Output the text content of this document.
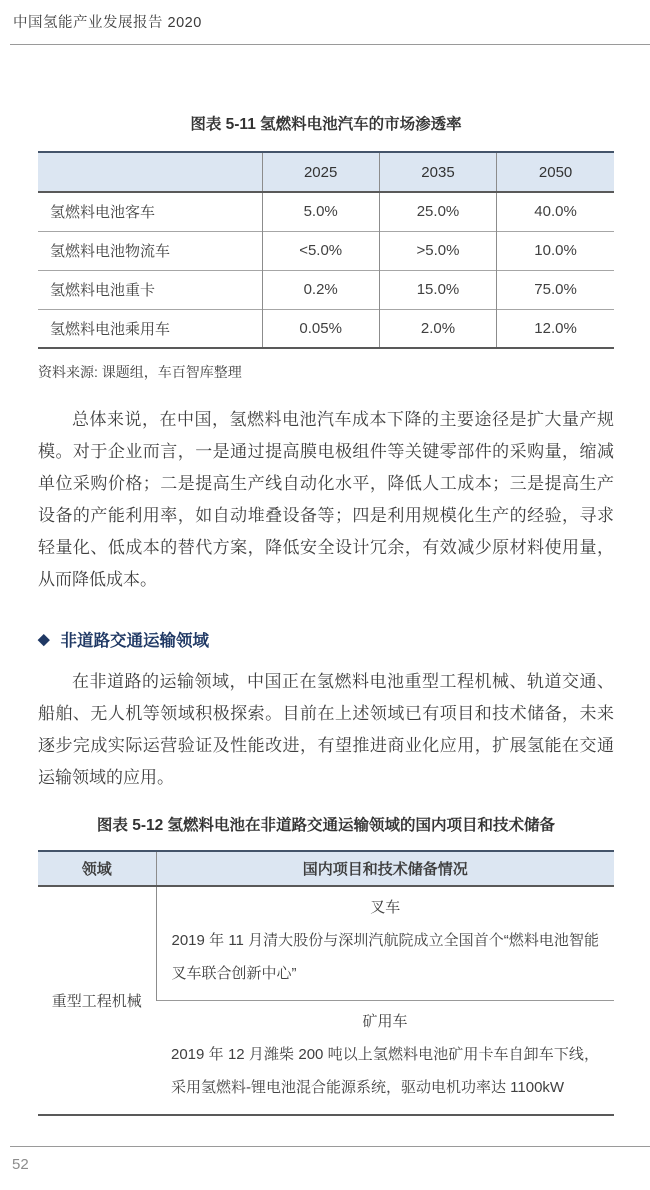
中国氢能产业发展报告 2020
图表 5-11 氢燃料电池汽车的市场渗透率
	2025	2035	2050
氢燃料电池客车	5.0%	25.0%	40.0%
氢燃料电池物流车	<5.0%	>5.0%	10.0%
氢燃料电池重卡	0.2%	15.0%	75.0%
氢燃料电池乘用车	0.05%	2.0%	12.0%
资料来源: 课题组，车百智库整理

总体来说，在中国，氢燃料电池汽车成本下降的主要途径是扩大量产规模。对于企业而言，一是通过提高膜电极组件等关键零部件的采购量，缩减单位采购价格；二是提高生产线自动化水平，降低人工成本；三是提高生产设备的产能利用率，如自动堆叠设备等；四是利用规模化生产的经验，寻求轻量化、低成本的替代方案，降低安全设计冗余，有效减少原材料使用量，从而降低成本。

◆ 非道路交通运输领域

在非道路的运输领域，中国正在氢燃料电池重型工程机械、轨道交通、船舶、无人机等领域积极探索。目前在上述领域已有项目和技术储备，未来逐步完成实际运营验证及性能改进，有望推进商业化应用，扩展氢能在交通运输领域的应用。

图表 5-12 氢燃料电池在非道路交通运输领域的国内项目和技术储备
领域	国内项目和技术储备情况
重型工程机械	叉车
2019 年 11 月清大股份与深圳汽航院成立全国首个“燃料电池智能叉车联合创新中心”

	矿用车
2019 年 12 月潍柴 200 吨以上氢燃料电池矿用卡车自卸车下线，采用氢燃料-锂电池混合能源系统，驱动电机功率达 1100kW
52
